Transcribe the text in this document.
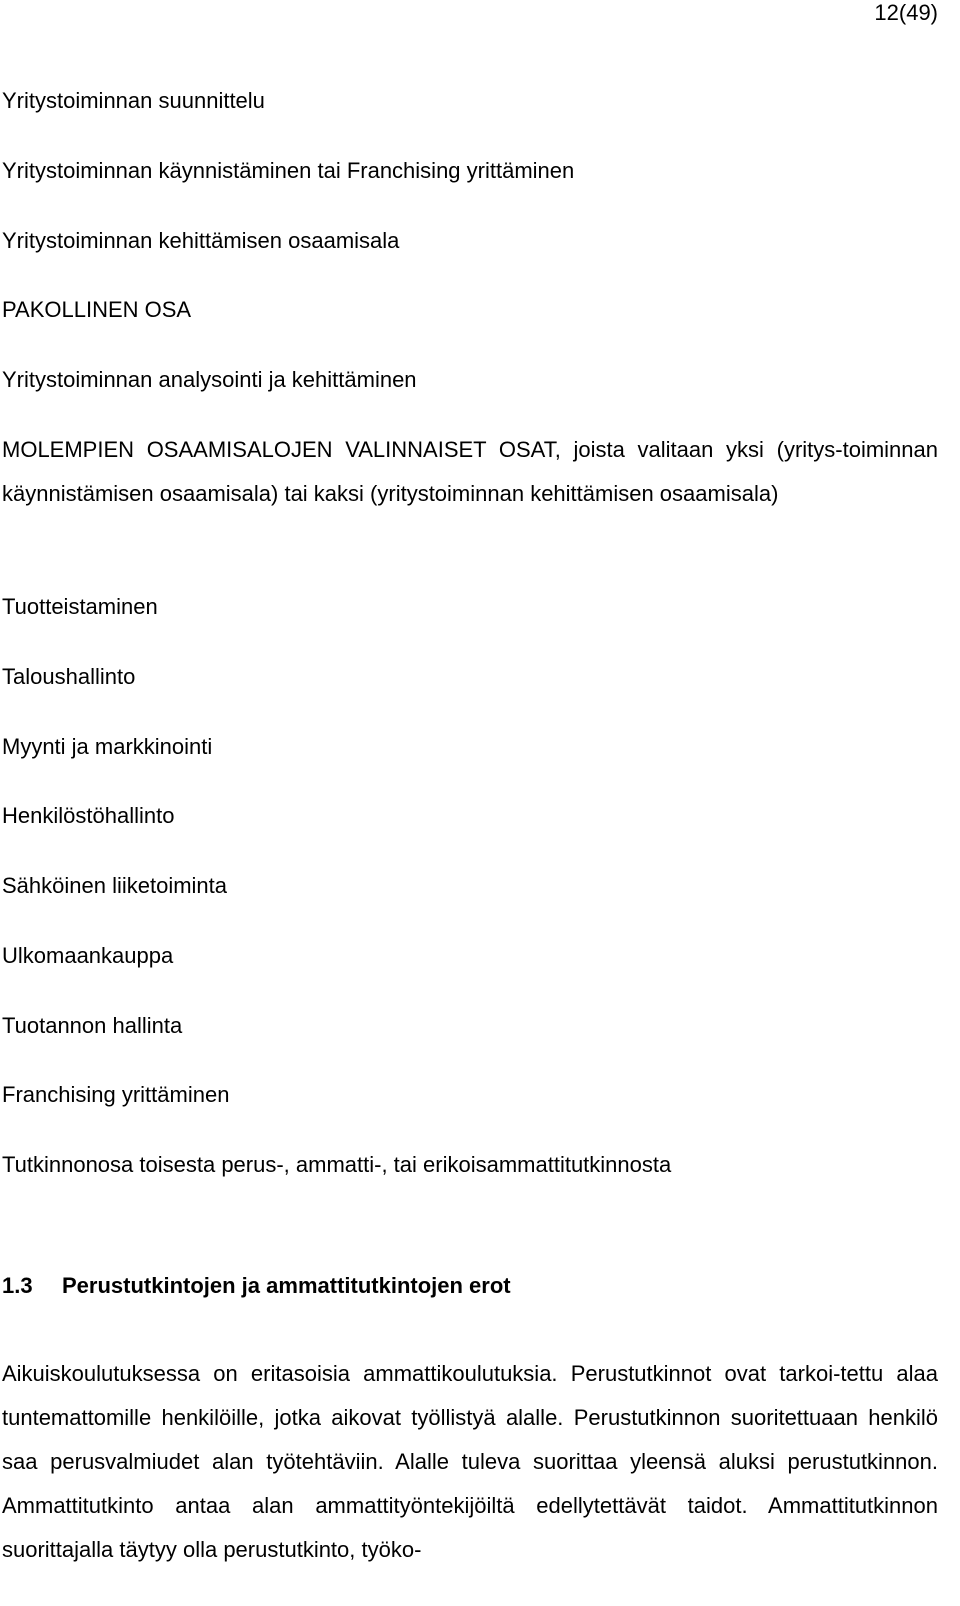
12(49)

Yritystoiminnan suunnittelu

Yritystoiminnan käynnistäminen tai Franchising yrittäminen

Yritystoiminnan kehittämisen osaamisala

PAKOLLINEN OSA

Yritystoiminnan analysointi ja kehittäminen

MOLEMPIEN OSAAMISALOJEN VALINNAISET OSAT, joista valitaan yksi (yritys-toiminnan käynnistämisen osaamisala) tai kaksi (yritystoiminnan kehittämisen osaamisala)

Tuotteistaminen

Taloushallinto

Myynti ja markkinointi

Henkilöstöhallinto

Sähköinen liiketoiminta

Ulkomaankauppa

Tuotannon hallinta

Franchising yrittäminen

Tutkinnonosa toisesta perus-, ammatti-, tai erikoisammattitutkinnosta

1.3 Perustutkintojen ja ammattitutkintojen erot

Aikuiskoulutuksessa on eritasoisia ammattikoulutuksia. Perustutkinnot ovat tarkoi-tettu alaa tuntemattomille henkilöille, jotka aikovat työllistyä alalle. Perustutkinnon suoritettuaan henkilö saa perusvalmiudet alan työtehtäviin. Alalle tuleva suorittaa yleensä aluksi perustutkinnon. Ammattitutkinto antaa alan ammattityöntekijöiltä edellytettävät taidot. Ammattitutkinnon suorittajalla täytyy olla perustutkinto, työko-
